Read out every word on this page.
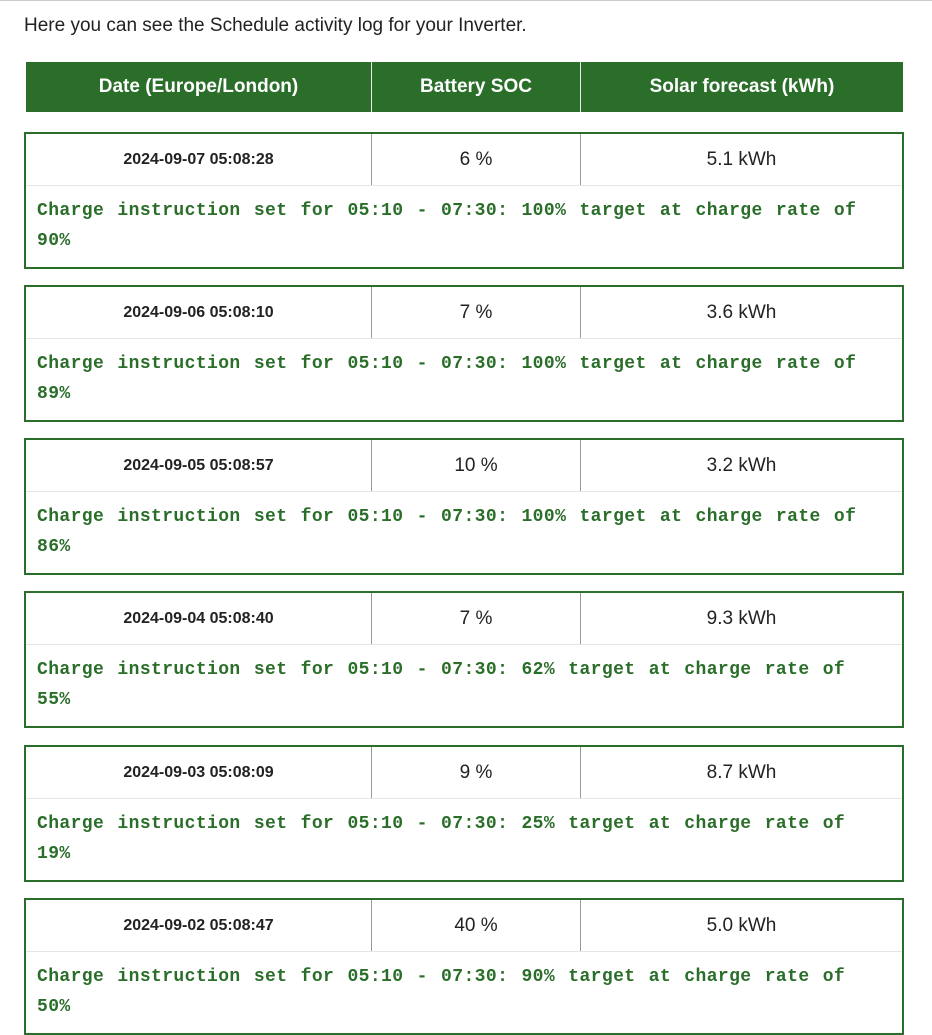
Here you can see the Schedule activity log for your Inverter.

Date (Europe/London)	Battery SOC	Solar forecast (kWh)
2024-09-07 05:08:28	6 %	5.1 kWh

Charge instruction set for 05:10 - 07:30: 100% target at charge rate of 90%

2024-09-06 05:08:10	7 %	3.6 kWh

Charge instruction set for 05:10 - 07:30: 100% target at charge rate of 89%

2024-09-05 05:08:57	10 %	3.2 kWh

Charge instruction set for 05:10 - 07:30: 100% target at charge rate of 86%

2024-09-04 05:08:40	7 %	9.3 kWh

Charge instruction set for 05:10 - 07:30: 62% target at charge rate of 55%

2024-09-03 05:08:09	9 %	8.7 kWh

Charge instruction set for 05:10 - 07:30: 25% target at charge rate of 19%

2024-09-02 05:08:47	40 %	5.0 kWh

Charge instruction set for 05:10 - 07:30: 90% target at charge rate of 50%
